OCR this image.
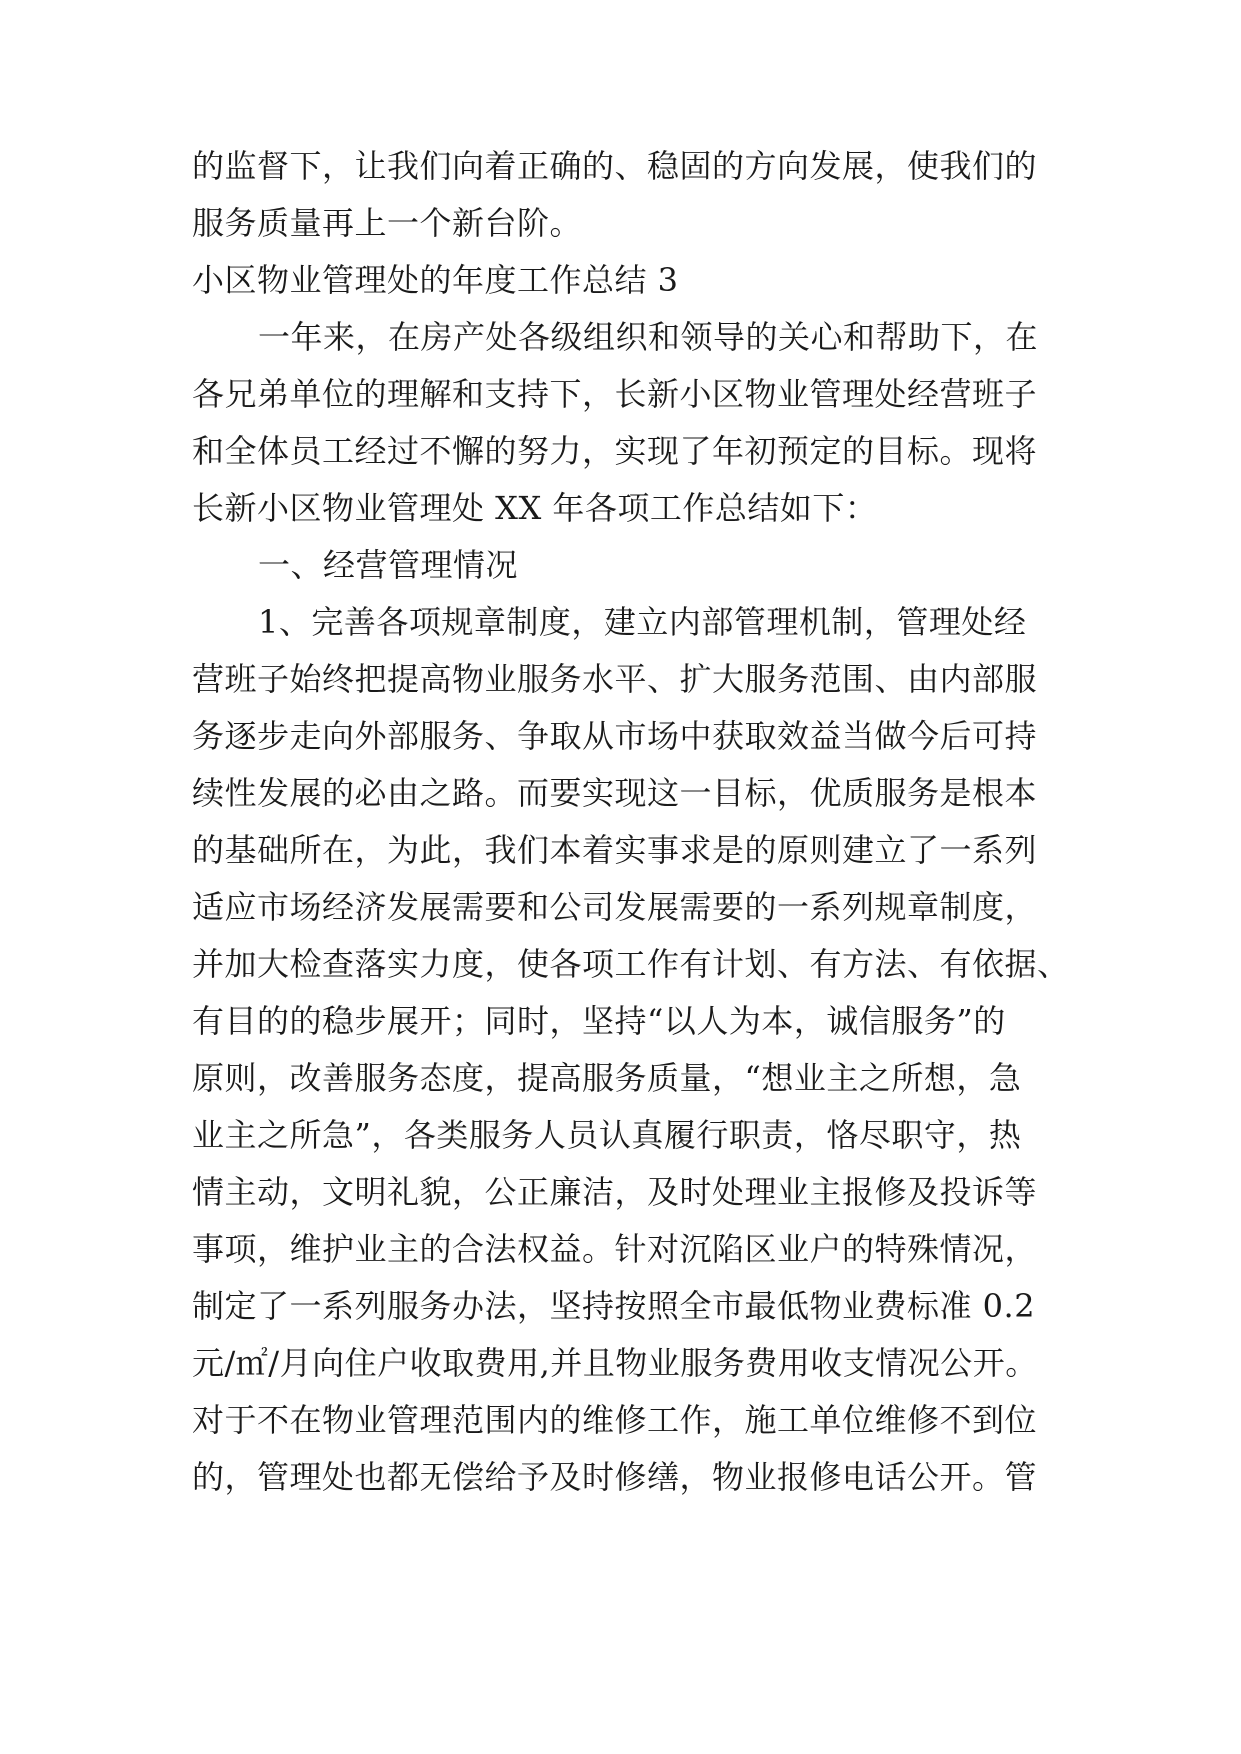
的监督下，让我们向着正确的、稳固的方向发展，使我们的
服务质量再上一个新台阶。
小区物业管理处的年度工作总结 3
一年来，在房产处各级组织和领导的关心和帮助下，在
各兄弟单位的理解和支持下，长新小区物业管理处经营班子
和全体员工经过不懈的努力，实现了年初预定的目标。现将
长新小区物业管理处 XX 年各项工作总结如下：
一、经营管理情况
1、完善各项规章制度，建立内部管理机制，管理处经
营班子始终把提高物业服务水平、扩大服务范围、由内部服
务逐步走向外部服务、争取从市场中获取效益当做今后可持
续性发展的必由之路。而要实现这一目标，优质服务是根本
的基础所在，为此，我们本着实事求是的原则建立了一系列
适应市场经济发展需要和公司发展需要的一系列规章制度，
并加大检查落实力度，使各项工作有计划、有方法、有依据、
有目的的稳步展开；同时，坚持“以人为本，诚信服务”的
原则，改善服务态度，提高服务质量，“想业主之所想，急
业主之所急”，各类服务人员认真履行职责，恪尽职守，热
情主动，文明礼貌，公正廉洁，及时处理业主报修及投诉等
事项，维护业主的合法权益。针对沉陷区业户的特殊情况，
制定了一系列服务办法，坚持按照全市最低物业费标准 0.2
元/㎡/月向住户收取费用,并且物业服务费用收支情况公开。
对于不在物业管理范围内的维修工作，施工单位维修不到位
的，管理处也都无偿给予及时修缮，物业报修电话公开。管
